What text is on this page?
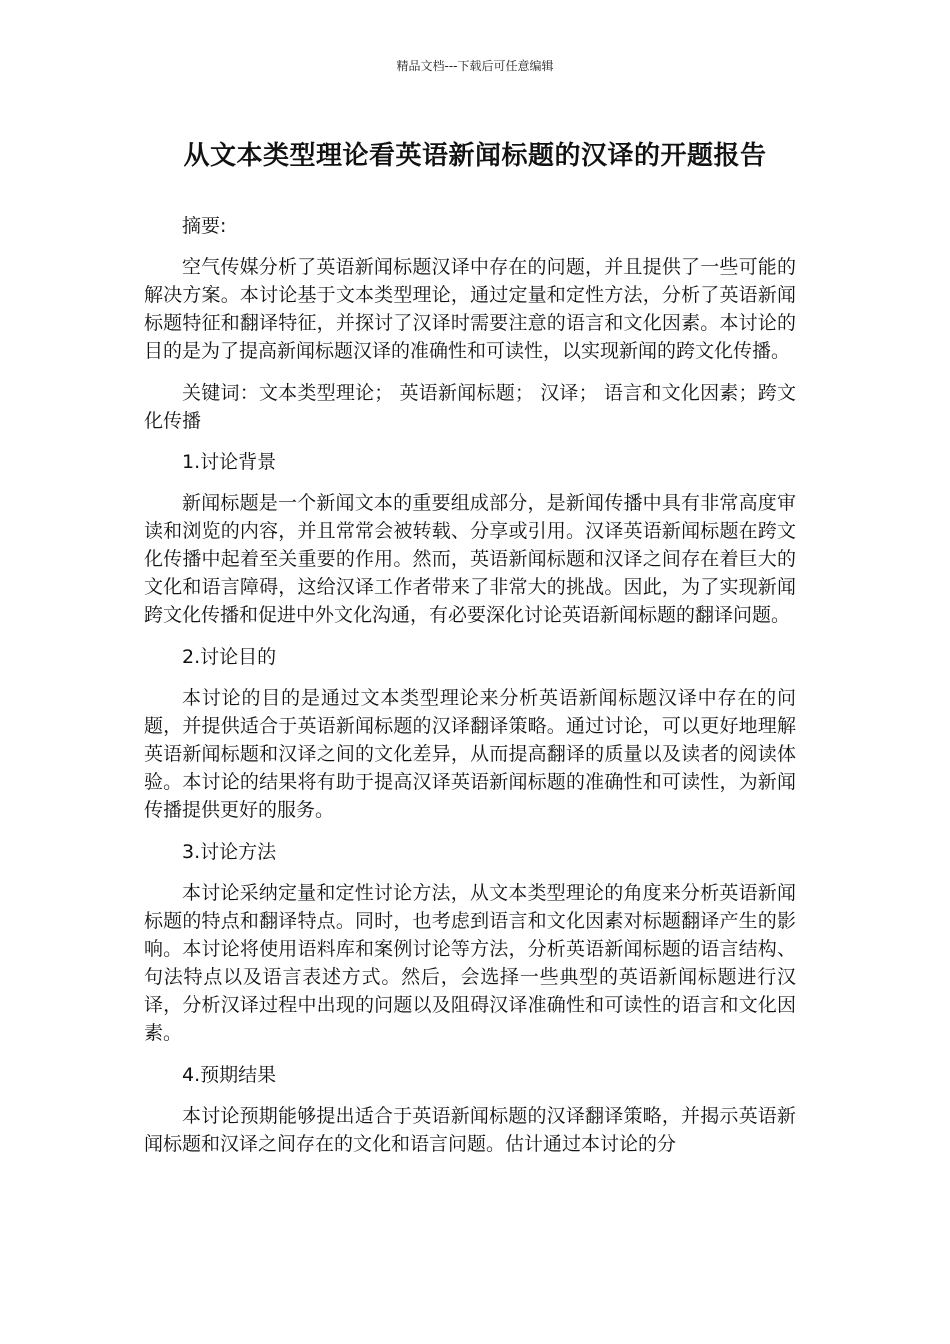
精品文档---下载后可任意编辑
从文本类型理论看英语新闻标题的汉译的开题报告

摘要:

空气传媒分析了英语新闻标题汉译中存在的问题，并且提供了一些可能的解决方案。本讨论基于文本类型理论，通过定量和定性方法，分析了英语新闻标题特征和翻译特征，并探讨了汉译时需要注意的语言和文化因素。本讨论的目的是为了提高新闻标题汉译的准确性和可读性，以实现新闻的跨文化传播。

关键词：文本类型理论； 英语新闻标题； 汉译； 语言和文化因素；跨文化传播

1.讨论背景

新闻标题是一个新闻文本的重要组成部分，是新闻传播中具有非常高度审读和浏览的内容，并且常常会被转载、分享或引用。汉译英语新闻标题在跨文化传播中起着至关重要的作用。然而，英语新闻标题和汉译之间存在着巨大的文化和语言障碍，这给汉译工作者带来了非常大的挑战。因此，为了实现新闻跨文化传播和促进中外文化沟通，有必要深化讨论英语新闻标题的翻译问题。

2.讨论目的

本讨论的目的是通过文本类型理论来分析英语新闻标题汉译中存在的问题，并提供适合于英语新闻标题的汉译翻译策略。通过讨论，可以更好地理解英语新闻标题和汉译之间的文化差异，从而提高翻译的质量以及读者的阅读体验。本讨论的结果将有助于提高汉译英语新闻标题的准确性和可读性，为新闻传播提供更好的服务。

3.讨论方法

本讨论采纳定量和定性讨论方法，从文本类型理论的角度来分析英语新闻标题的特点和翻译特点。同时，也考虑到语言和文化因素对标题翻译产生的影响。本讨论将使用语料库和案例讨论等方法，分析英语新闻标题的语言结构、句法特点以及语言表述方式。然后，会选择一些典型的英语新闻标题进行汉译，分析汉译过程中出现的问题以及阻碍汉译准确性和可读性的语言和文化因素。

4.预期结果

本讨论预期能够提出适合于英语新闻标题的汉译翻译策略，并揭示英语新闻标题和汉译之间存在的文化和语言问题。估计通过本讨论的分
